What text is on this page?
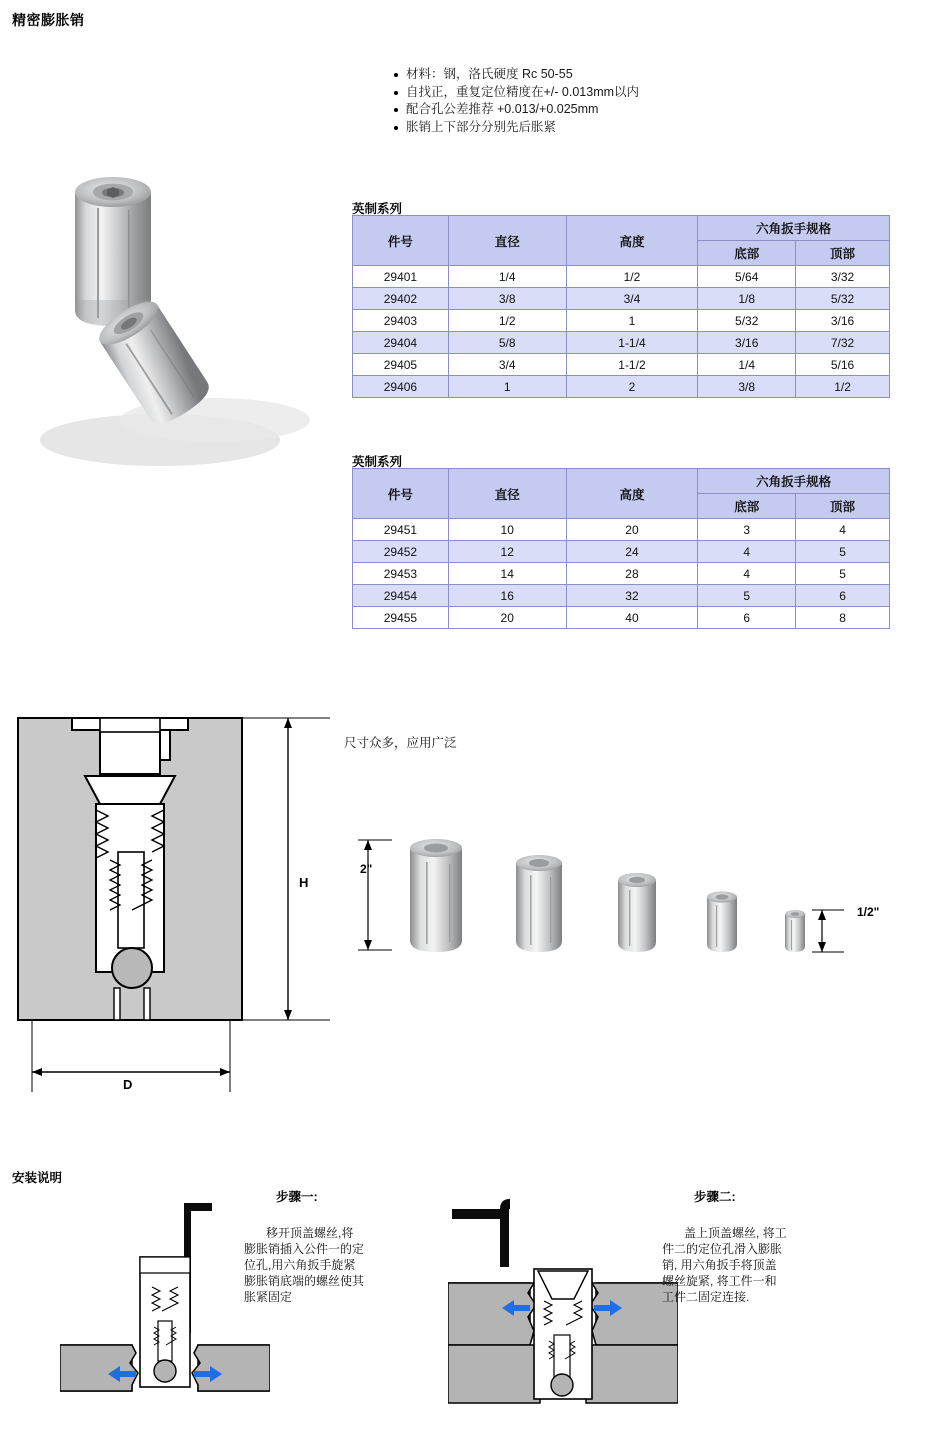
精密膨胀销
材料：钢，洛氏硬度 Rc 50-55
自找正，重复定位精度在+/- 0.013mm以内
配合孔公差推荐 +0.013/+0.025mm
胀销上下部分分别先后胀紧
英制系列
件号	直径	高度	六角扳手规格	
			底部	顶部
29401	1/4	1/2	5/64	3/32
29402	3/8	3/4	1/8	5/32
29403	1/2	1	5/32	3/16
29404	5/8	1-1/4	3/16	7/32
29405	3/4	1-1/2	1/4	5/16
29406	1	2	3/8	1/2
英制系列
件号	直径	高度	六角扳手规格	
			底部	顶部
29451	10	20	3	4
29452	12	24	4	5
29453	14	28	4	5
29454	16	32	5	6
29455	20	40	6	8
H
D
尺寸众多，应用广泛
2"
1/2"
安装说明
步骤一:
移开顶盖螺丝,将膨胀销插入公件一的定位孔,用六角扳手旋紧膨胀销底端的螺丝使其胀紧固定
步骤二:
盖上顶盖螺丝, 将工件二的定位孔滑入膨胀销, 用六角扳手将顶盖螺丝旋紧, 将工件一和工件二固定连接.
